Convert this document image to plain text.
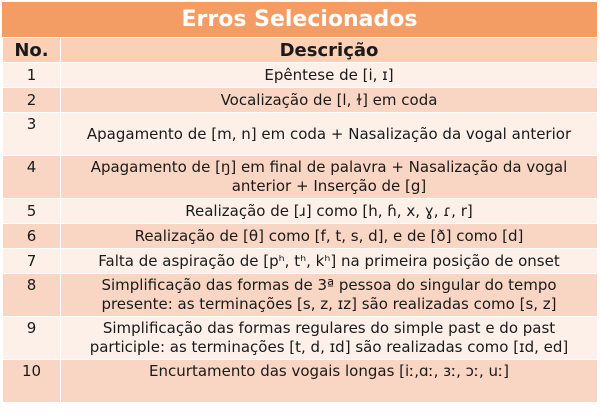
Erros Selecionados
No.	Descrição
1	Epêntese de [i, ɪ]
2	Vocalização de [l, ɫ] em coda
3	Apagamento de [m, n] em coda + Nasalização da vogal anterior
4	Apagamento de [ŋ] em final de palavra + Nasalização da vogal anterior + Inserção de [g]
5	Realização de [ɹ] como [h, ɦ, x, ɣ, ɾ, r]
6	Realização de [θ] como [f, t, s, d], e de [ð] como [d]
7	Falta de aspiração de [pʰ, tʰ, kʰ] na primeira posição de onset
8	Simplificação das formas de 3ª pessoa do singular do tempo presente: as terminações [s, z, ɪz] são realizadas como [s, z]
9	Simplificação das formas regulares do simple past e do past participle: as terminações [t, d, ɪd] são realizadas como [ɪd, ed]
10	Encurtamento das vogais longas [iː,ɑː, ɜː, ɔː, uː]
